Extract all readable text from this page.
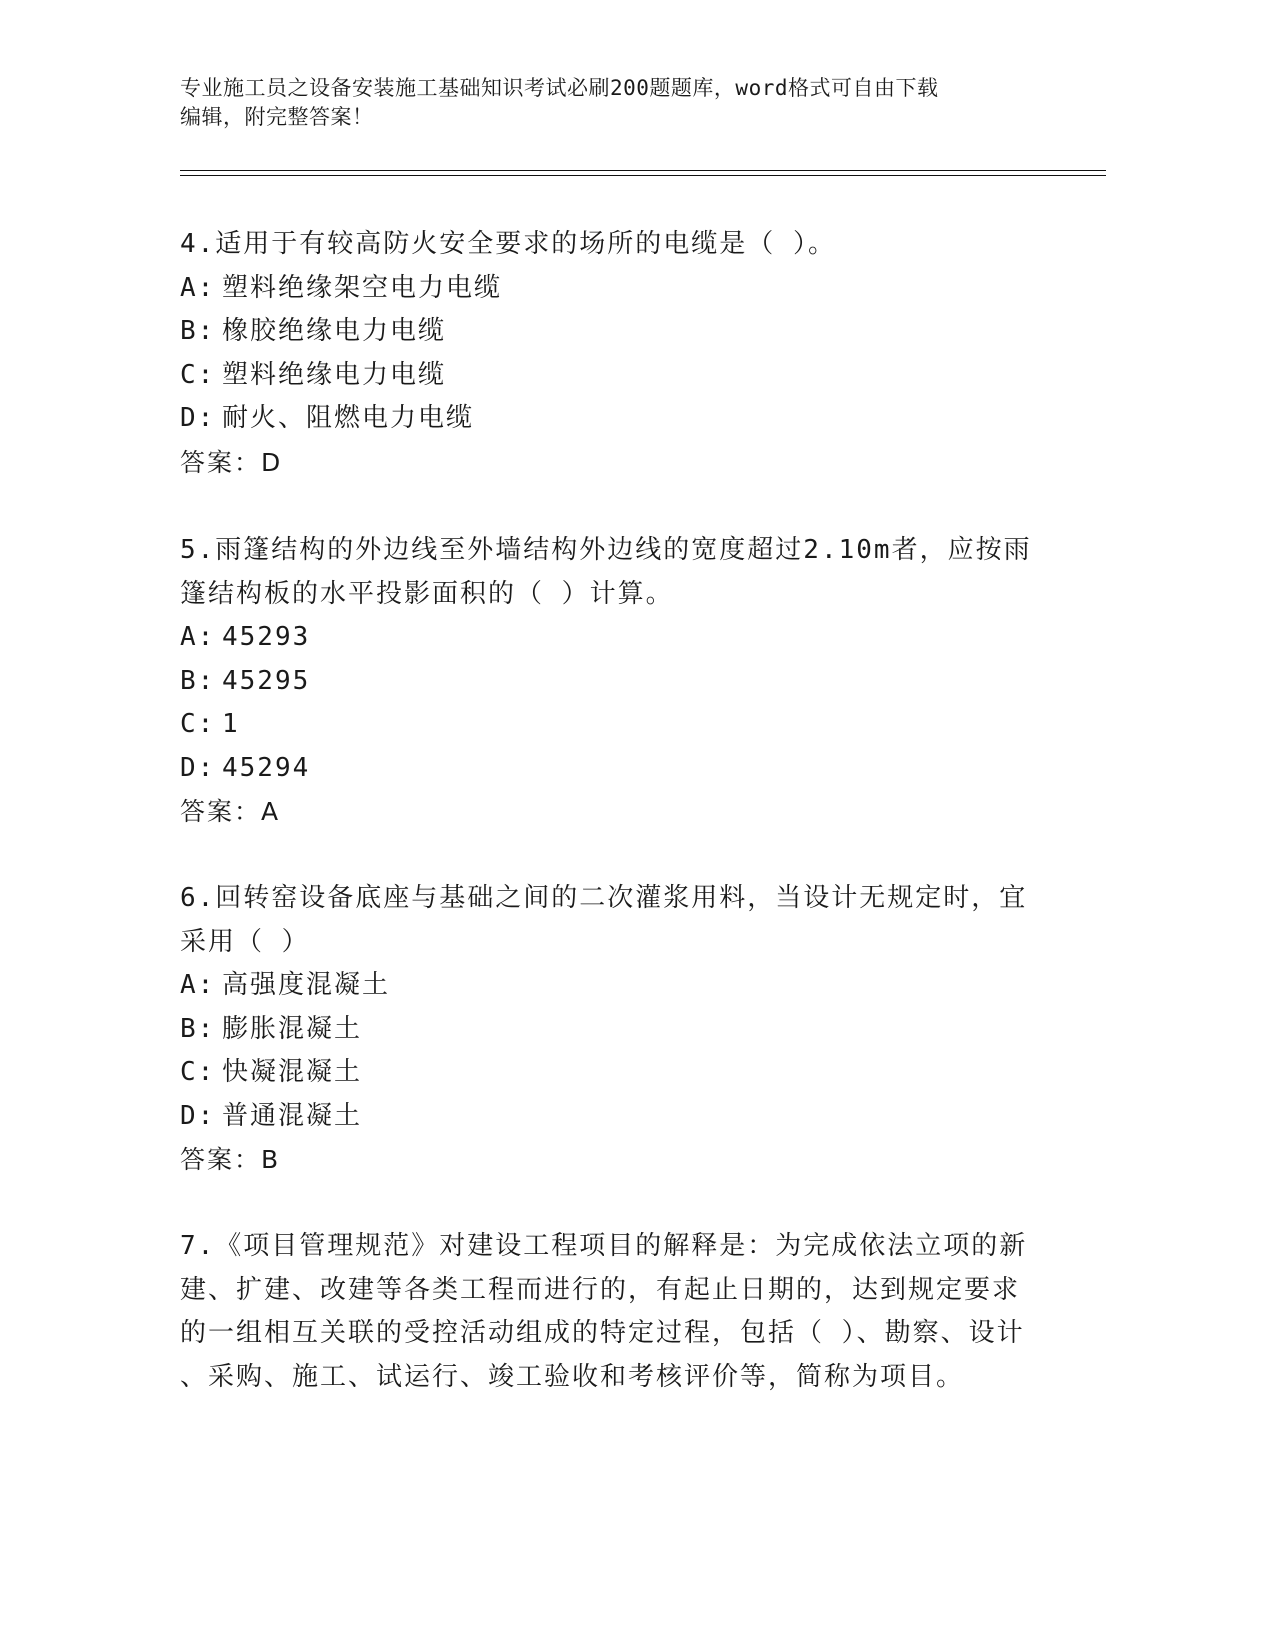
专业施工员之设备安装施工基础知识考试必刷200题题库，word格式可自由下载
编辑，附完整答案！

4.适用于有较高防火安全要求的场所的电缆是（ ）。

A: 塑料绝缘架空电力电缆

B: 橡胶绝缘电力电缆

C: 塑料绝缘电力电缆

D: 耐火、阻燃电力电缆

答案：D

5.雨篷结构的外边线至外墙结构外边线的宽度超过2.10m者，应按雨

篷结构板的水平投影面积的（ ）计算。

A: 45293

B: 45295

C: 1

D: 45294

答案：A

6.回转窑设备底座与基础之间的二次灌浆用料，当设计无规定时，宜

采用（ ）

A: 高强度混凝土

B: 膨胀混凝土

C: 快凝混凝土

D: 普通混凝土

答案：B

7.《项目管理规范》对建设工程项目的解释是：为完成依法立项的新

建、扩建、改建等各类工程而进行的，有起止日期的，达到规定要求

的一组相互关联的受控活动组成的特定过程，包括（ ）、勘察、设计

、采购、施工、试运行、竣工验收和考核评价等，简称为项目。
